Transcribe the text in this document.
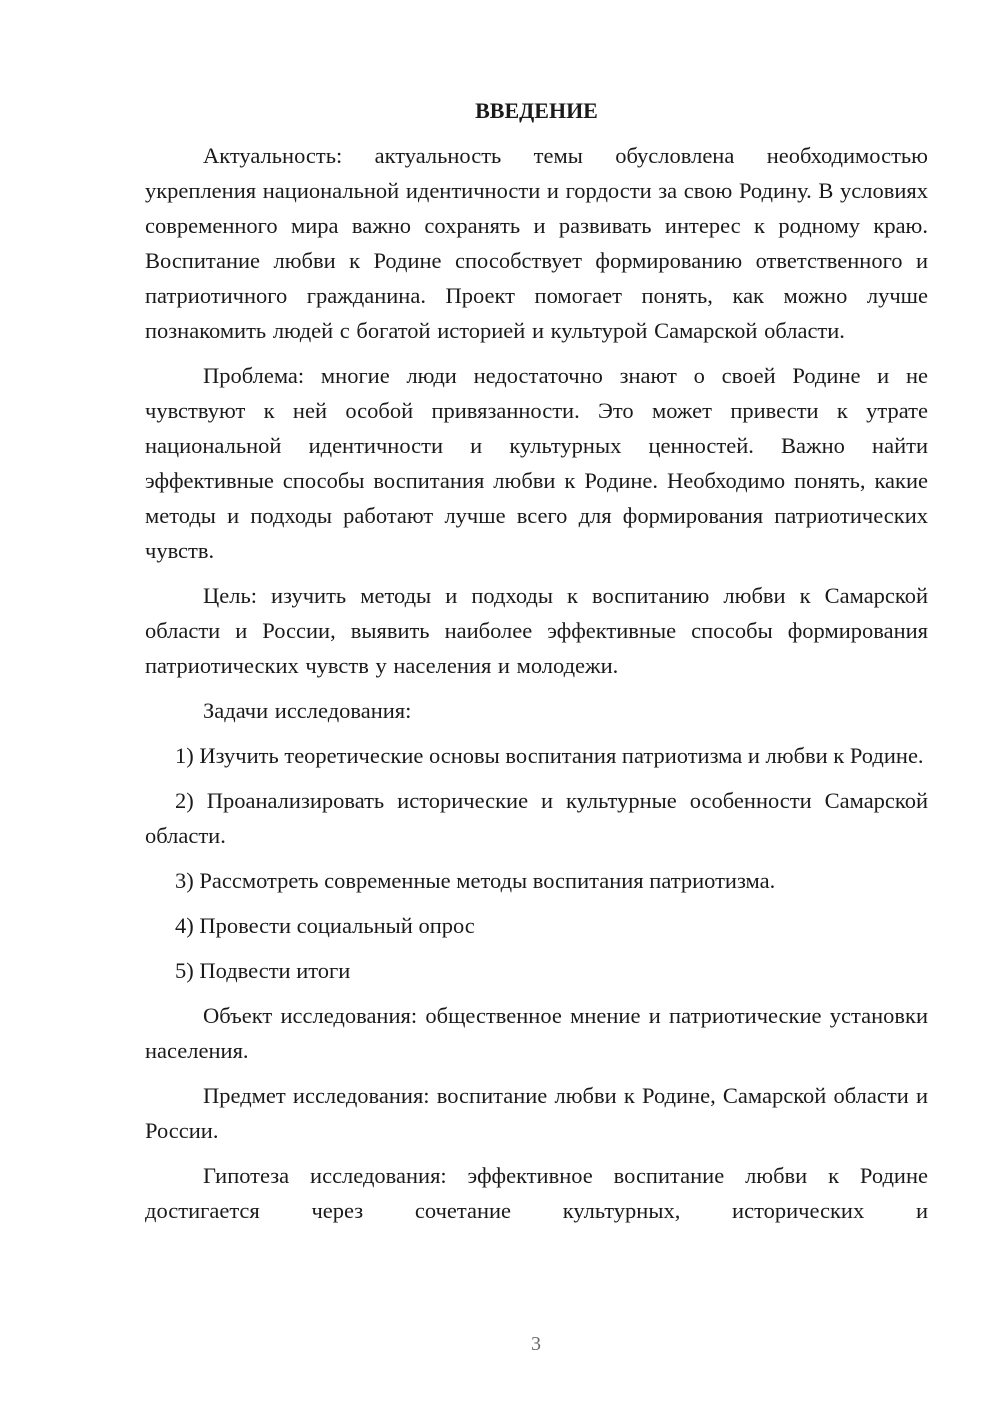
ВВЕДЕНИЕ

Актуальность: актуальность темы обусловлена необходимостью укрепления национальной идентичности и гордости за свою Родину. В условиях современного мира важно сохранять и развивать интерес к родному краю. Воспитание любви к Родине способствует формированию ответственного и патриотичного гражданина. Проект помогает понять, как можно лучше познакомить людей с богатой историей и культурой Самарской области.

Проблема: многие люди недостаточно знают о своей Родине и не чувствуют к ней особой привязанности. Это может привести к утрате национальной идентичности и культурных ценностей. Важно найти эффективные способы воспитания любви к Родине. Необходимо понять, какие методы и подходы работают лучше всего для формирования патриотических чувств.

Цель: изучить методы и подходы к воспитанию любви к Самарской области и России, выявить наиболее эффективные способы формирования патриотических чувств у населения и молодежи.

Задачи исследования:

1) Изучить теоретические основы воспитания патриотизма и любви к Родине.

2) Проанализировать исторические и культурные особенности Самарской области.

3) Рассмотреть современные методы воспитания патриотизма.

4) Провести социальный опрос

5) Подвести итоги

Объект исследования: общественное мнение и патриотические установки населения.

Предмет исследования: воспитание любви к Родине, Самарской области и России.

Гипотеза исследования: эффективное воспитание любви к Родине достигается через сочетание культурных, исторических и

3
